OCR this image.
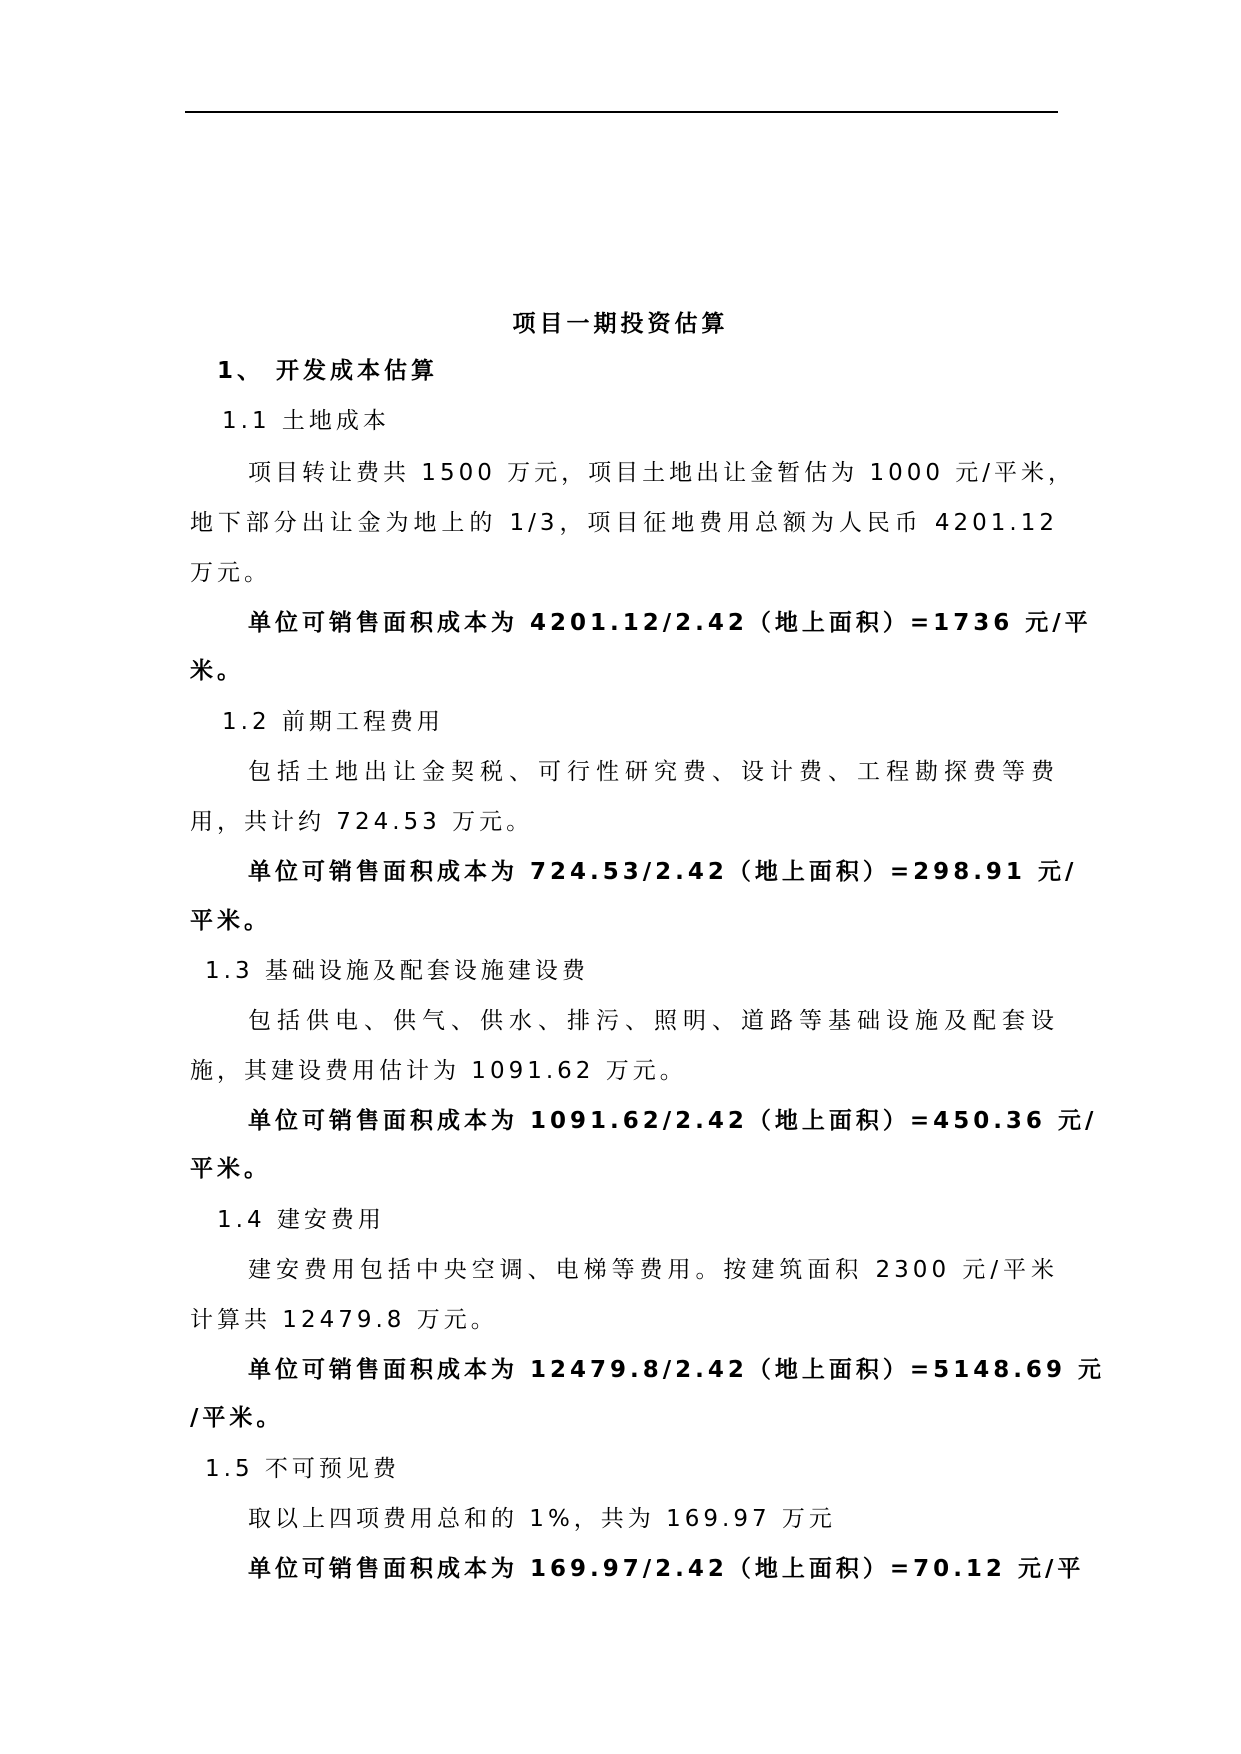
项目一期投资估算
1、 开发成本估算
1.1 土地成本
项目转让费共 1500 万元，项目土地出让金暂估为 1000 元/平米，
地下部分出让金为地上的 1/3，项目征地费用总额为人民币 4201.12
万元。
单位可销售面积成本为 4201.12/2.42（地上面积）=1736 元/平
米。
1.2 前期工程费用
包括土地出让金契税、可行性研究费、设计费、工程勘探费等费
用，共计约 724.53 万元。
单位可销售面积成本为 724.53/2.42（地上面积）=298.91 元/
平米。
1.3 基础设施及配套设施建设费
包括供电、供气、供水、排污、照明、道路等基础设施及配套设
施，其建设费用估计为 1091.62 万元。
单位可销售面积成本为 1091.62/2.42（地上面积）=450.36 元/
平米。
1.4 建安费用
建安费用包括中央空调、电梯等费用。按建筑面积 2300 元/平米
计算共 12479.8 万元。
单位可销售面积成本为 12479.8/2.42（地上面积）=5148.69 元
/平米。
1.5 不可预见费
取以上四项费用总和的 1%，共为 169.97 万元
单位可销售面积成本为 169.97/2.42（地上面积）=70.12 元/平
